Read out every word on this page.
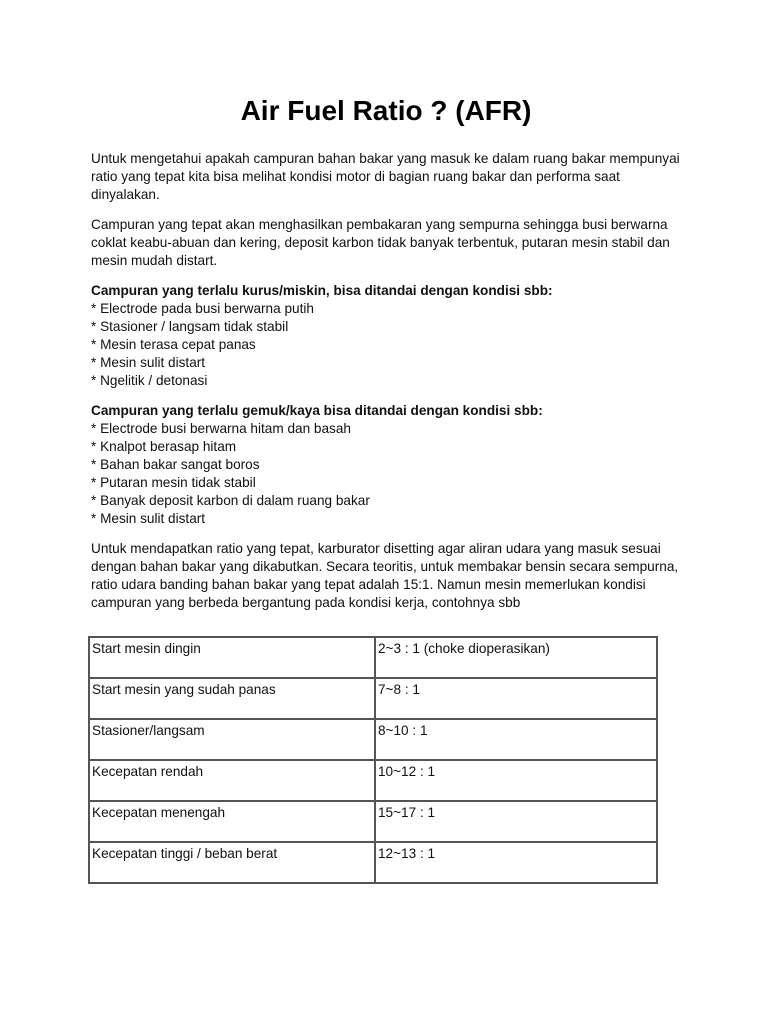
Air Fuel Ratio ? (AFR)

Untuk mengetahui apakah campuran bahan bakar yang masuk ke dalam ruang bakar mempunyai ratio yang tepat kita bisa melihat kondisi motor di bagian ruang bakar dan performa saat dinyalakan.

Campuran yang tepat akan menghasilkan pembakaran yang sempurna sehingga busi berwarna coklat keabu-abuan dan kering, deposit karbon tidak banyak terbentuk, putaran mesin stabil dan mesin mudah distart.

Campuran yang terlalu kurus/miskin, bisa ditandai dengan kondisi sbb:
* Electrode pada busi berwarna putih
* Stasioner / langsam tidak stabil
* Mesin terasa cepat panas
* Mesin sulit distart
* Ngelitik / detonasi
Campuran yang terlalu gemuk/kaya bisa ditandai dengan kondisi sbb:
* Electrode busi berwarna hitam dan basah
* Knalpot berasap hitam
* Bahan bakar sangat boros
* Putaran mesin tidak stabil
* Banyak deposit karbon di dalam ruang bakar
* Mesin sulit distart

Untuk mendapatkan ratio yang tepat, karburator disetting agar aliran udara yang masuk sesuai dengan bahan bakar yang dikabutkan. Secara teoritis, untuk membakar bensin secara sempurna, ratio udara banding bahan bakar yang tepat adalah 15:1. Namun mesin memerlukan kondisi campuran yang berbeda bergantung pada kondisi kerja, contohnya sbb

Start mesin dingin	2~3 : 1 (choke dioperasikan)
Start mesin yang sudah panas	7~8 : 1
Stasioner/langsam	8~10 : 1
Kecepatan rendah	10~12 : 1
Kecepatan menengah	15~17 : 1
Kecepatan tinggi / beban berat	12~13 : 1
